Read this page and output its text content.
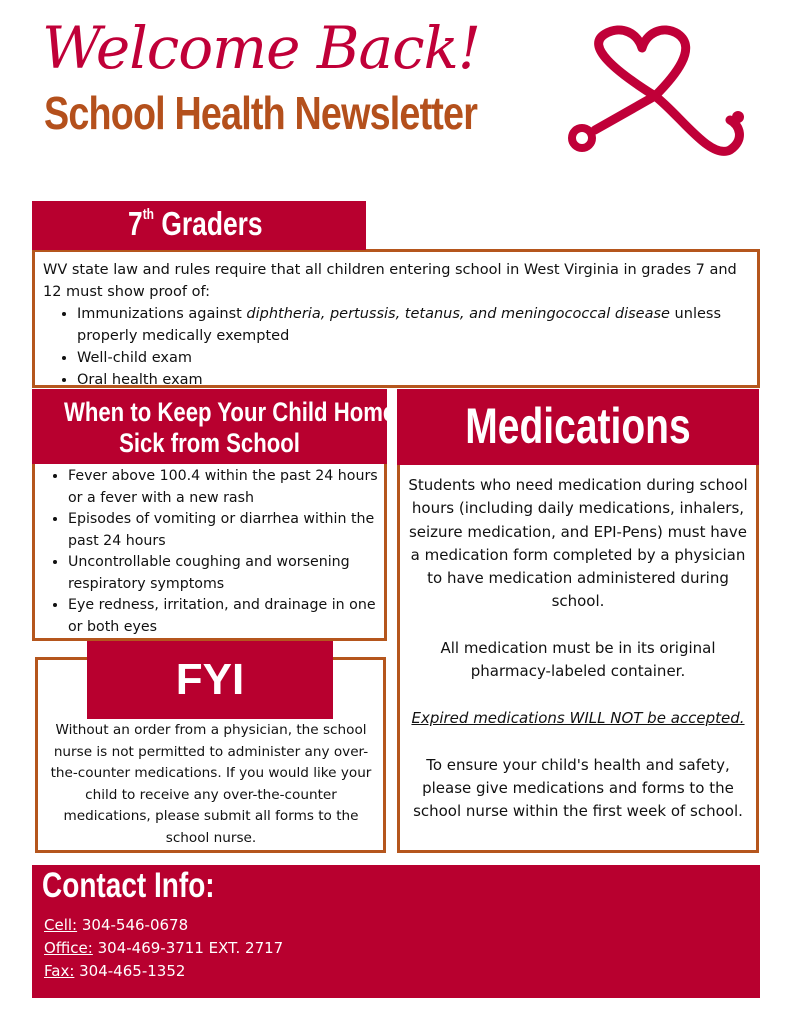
Welcome Back!
School Health Newsletter
WV state law and rules require that all children entering school in West Virginia in grades 7 and 12 must show proof of:
• Immunizations against diphtheria, pertussis, tetanus, and meningococcal disease unless properly medically exempted
• Well-child exam
• Oral health exam
7th Graders
When to Keep Your Child Home
Sick from School
• Fever above 100.4 within the past 24 hours or a fever with a new rash
• Episodes of vomiting or diarrhea within the past 24 hours
• Uncontrollable coughing and worsening respiratory symptoms
• Eye redness, irritation, and drainage in one or both eyes
FYI
Without an order from a physician, the school nurse is not permitted to administer any over-the-counter medications. If you would like your child to receive any over-the-counter medications, please submit all forms to the school nurse.
Medications

Students who need medication during school hours (including daily medications, inhalers, seizure medication, and EPI-Pens) must have a medication form completed by a physician to have medication administered during school.

All medication must be in its original pharmacy-labeled container.

Expired medications WILL NOT be accepted.

To ensure your child's health and safety, please give medications and forms to the school nurse within the first week of school.

Contact Info:
Cell: 304-546-0678
Office: 304-469-3711 EXT. 2717
Fax: 304-465-1352
